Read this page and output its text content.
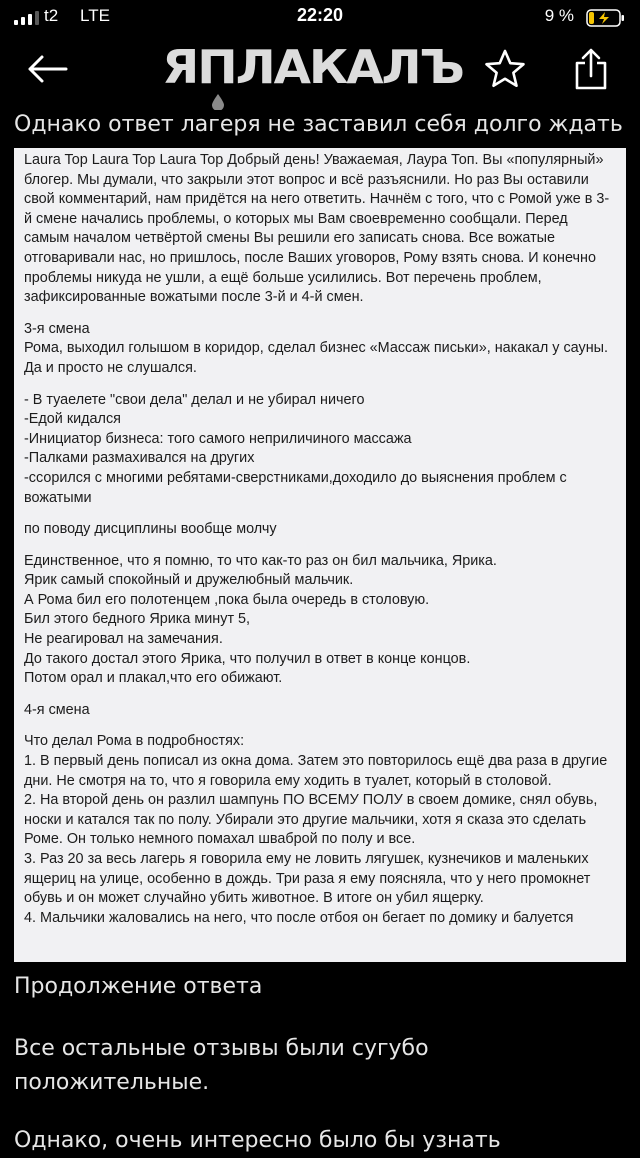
t2 LTE	22:20	9 %
ЯПЛАКАЛЪ
Однако ответ лагеря не заставил себя долго ждать

Laura Top Laura Top Laura Top Добрый день! Уважаемая, Лаура Топ. Вы «популярный» блогер. Мы думали, что закрыли этот вопрос и всё разъяснили. Но раз Вы оставили свой комментарий, нам придётся на него ответить. Начнём с того, что с Ромой уже в 3-й смене начались проблемы, о которых мы Вам своевременно сообщали. Перед самым началом четвёртой смены Вы решили его записать снова. Все вожатые отговаривали нас, но пришлось, после Ваших уговоров, Рому взять снова. И конечно проблемы никуда не ушли, а ещё больше усилились. Вот перечень проблем, зафиксированные вожатыми после 3-й и 4-й смен.

3-я смена
Рома, выходил голышом в коридор, сделал бизнес «Массаж письки», накакал у сауны. Да и просто не слушался.

- В туаелете "свои дела" делал и не убирал ничего
-Едой кидался
-Инициатор бизнеса: того самого неприличиного массажа
-Палками размахивался на других
-ссорился с многими ребятами-сверстниками,доходило до выяснения проблем с вожатыми

по поводу дисциплины вообще молчу

Единственное, что я помню, то что как-то раз он бил мальчика, Ярика.
Ярик самый спокойный и дружелюбный мальчик.
А Рома бил его полотенцем ,пока была очередь в столовую.
Бил этого бедного Ярика минут 5,
Не реагировал на замечания.
До такого достал этого Ярика, что получил в ответ в конце концов.
Потом орал и плакал,что его обижают.

4-я смена

Что делал Рома в подробностях:
1. В первый день пописал из окна дома. Затем это повторилось ещё два раза в другие дни. Не смотря на то, что я говорила ему ходить в туалет, который в столовой.
2. На второй день он разлил шампунь ПО ВСЕМУ ПОЛУ в своем домике, снял обувь, носки и катался так по полу. Убирали это другие мальчики, хотя я сказа это сделать Роме. Он только немного помахал шваброй по полу и все.
3. Раз 20 за весь лагерь я говорила ему не ловить лягушек, кузнечиков и маленьких ящериц на улице, особенно в дождь. Три раза я ему поясняла, что у него промокнет обувь и он может случайно убить животное. В итоге он убил ящерку.
4. Мальчики жаловались на него, что после отбоя он бегает по домику и балуется

Продолжение ответа
Все остальные отзывы были сугубо положительные.
Однако, очень интересно было бы узнать
